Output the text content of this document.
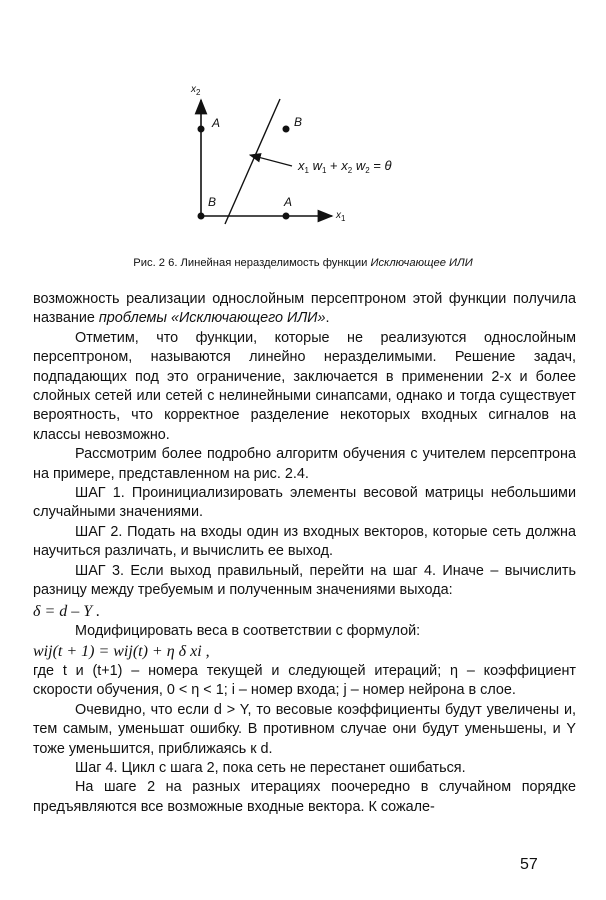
$x_2$
$x_1$
A	B
B	A
$x_1$ $w_1 + x_2$ $w_2 = \theta$
Рис. 2 6. Линейная неразделимость функции Исключающее ИЛИ

возможность реализации однослойным персептроном этой функции получила название проблемы «Исключающего ИЛИ».

Отметим, что функции, которые не реализуются однослойным персептроном, называются линейно неразделимыми. Решение задач, подпадающих под это ограничение, заключается в применении 2-х и более слойных сетей или сетей с нелинейными синапсами, однако и тогда существует вероятность, что корректное разделение некоторых входных сигналов на классы невозможно.

Рассмотрим более подробно алгоритм обучения с учителем персептрона на примере, представленном на рис. 2.4.

ШАГ 1. Проинициализировать элементы весовой матрицы небольшими случайными значениями.

ШАГ 2. Подать на входы один из входных векторов, которые сеть должна научиться различать, и вычислить ее выход.

ШАГ 3. Если выход правильный, перейти на шаг 4. Иначе – вычислить разницу между требуемым и полученным значениями выхода:

δ = d – Y .

Модифицировать веса в соответствии с формулой:

wij(t + 1) = wij(t) + η δ xi ,

где t и (t+1) – номера текущей и следующей итераций; η – коэффициент скорости обучения, 0 < η < 1; i – номер входа; j – номер нейрона в слое.

Очевидно, что если d > Y, то весовые коэффициенты будут увеличены и, тем самым, уменьшат ошибку. В противном случае они будут уменьшены, и Y тоже уменьшится, приближаясь к d.

Шаг 4. Цикл с шага 2, пока сеть не перестанет ошибаться.

На шаге 2 на разных итерациях поочередно в случайном порядке предъявляются все возможные входные вектора. К сожале-

57
